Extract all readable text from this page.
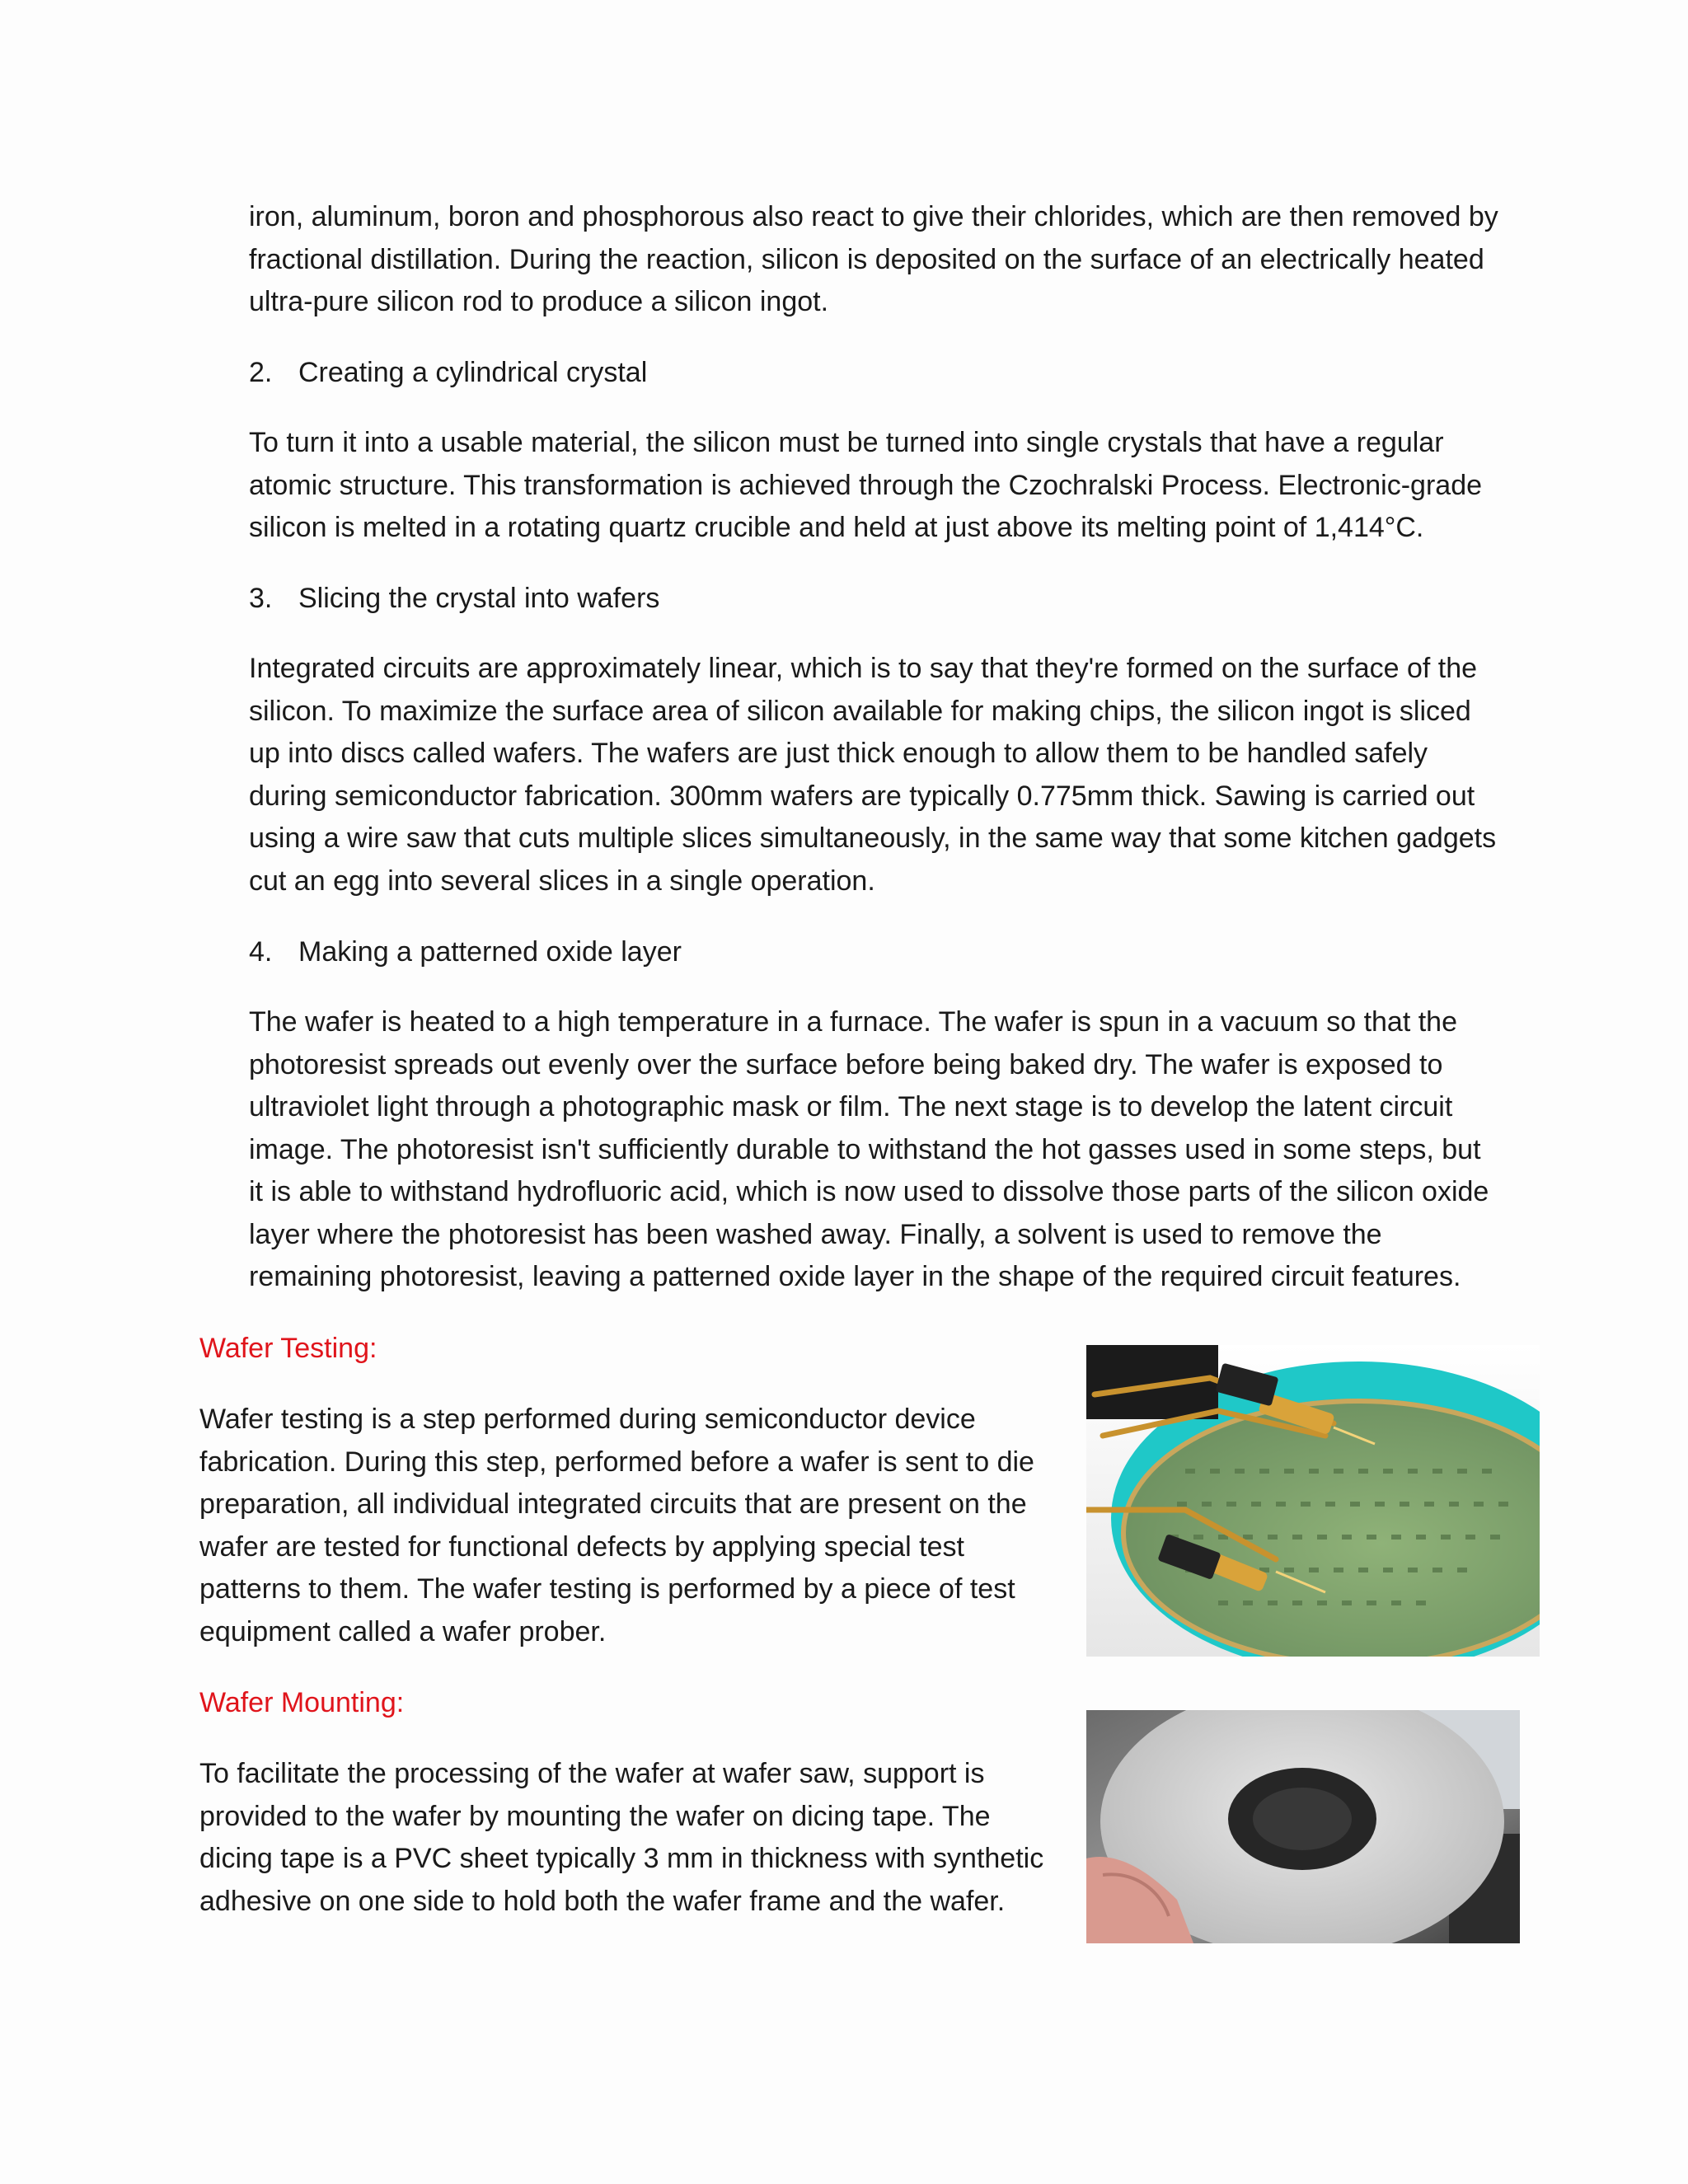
iron, aluminum, boron and phosphorous also react to give their chlorides, which are then removed by fractional distillation. During the reaction, silicon is deposited on the surface of an electrically heated ultra-pure silicon rod to produce a silicon ingot.

2. Creating a cylindrical crystal

To turn it into a usable material, the silicon must be turned into single crystals that have a regular atomic structure. This transformation is achieved through the Czochralski Process. Electronic-grade silicon is melted in a rotating quartz crucible and held at just above its melting point of 1,414°C.

3. Slicing the crystal into wafers

Integrated circuits are approximately linear, which is to say that they're formed on the surface of the silicon. To maximize the surface area of silicon available for making chips, the silicon ingot is sliced up into discs called wafers. The wafers are just thick enough to allow them to be handled safely during semiconductor fabrication. 300mm wafers are typically 0.775mm thick. Sawing is carried out using a wire saw that cuts multiple slices simultaneously, in the same way that some kitchen gadgets cut an egg into several slices in a single operation.

4. Making a patterned oxide layer

The wafer is heated to a high temperature in a furnace. The wafer is spun in a vacuum so that the photoresist spreads out evenly over the surface before being baked dry. The wafer is exposed to ultraviolet light through a photographic mask or film. The next stage is to develop the latent circuit image. The photoresist isn't sufficiently durable to withstand the hot gasses used in some steps, but it is able to withstand hydrofluoric acid, which is now used to dissolve those parts of the silicon oxide layer where the photoresist has been washed away. Finally, a solvent is used to remove the remaining photoresist, leaving a patterned oxide layer in the shape of the required circuit features.

Wafer Testing:

Wafer testing is a step performed during semiconductor device fabrication. During this step, performed before a wafer is sent to die preparation, all individual integrated circuits that are present on the wafer are tested for functional defects by applying special test patterns to them. The wafer testing is performed by a piece of test equipment called a wafer prober.

Wafer Mounting:

To facilitate the processing of the wafer at wafer saw, support is provided to the wafer by mounting the wafer on dicing tape. The dicing tape is a PVC sheet typically 3 mm in thickness with synthetic adhesive on one side to hold both the wafer frame and the wafer.
